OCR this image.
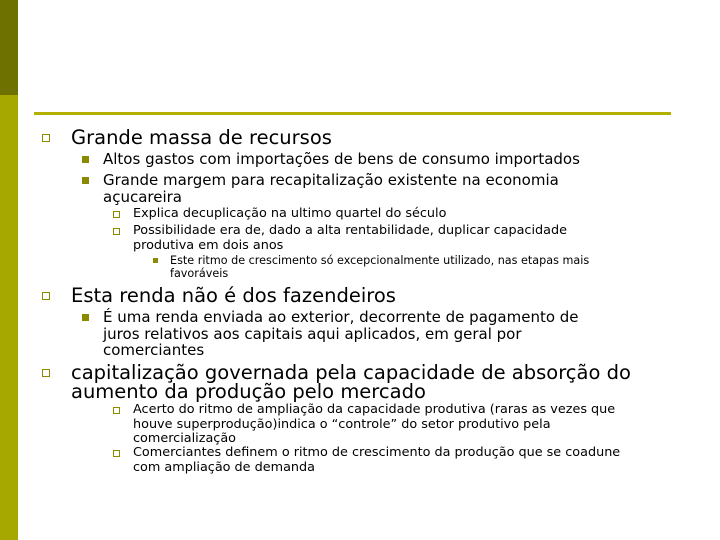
Grande massa de recursos
Altos gastos com importações de bens de consumo importados
Grande margem para recapitalização existente na economia
açucareira
Explica decuplicação na ultimo quartel do século
Possibilidade era de, dado a alta rentabilidade, duplicar capacidade
produtiva em dois anos
Este ritmo de crescimento só excepcionalmente utilizado, nas etapas mais
favoráveis
Esta renda não é dos fazendeiros
É uma renda enviada ao exterior, decorrente de pagamento de
juros relativos aos capitais aqui aplicados, em geral por
comerciantes
capitalização governada pela capacidade de absorção do
aumento da produção pelo mercado
Acerto do ritmo de ampliação da capacidade produtiva (raras as vezes que
houve superprodução)indica o “controle” do setor produtivo pela
comercialização
Comerciantes definem o ritmo de crescimento da produção que se coadune
com ampliação de demanda
